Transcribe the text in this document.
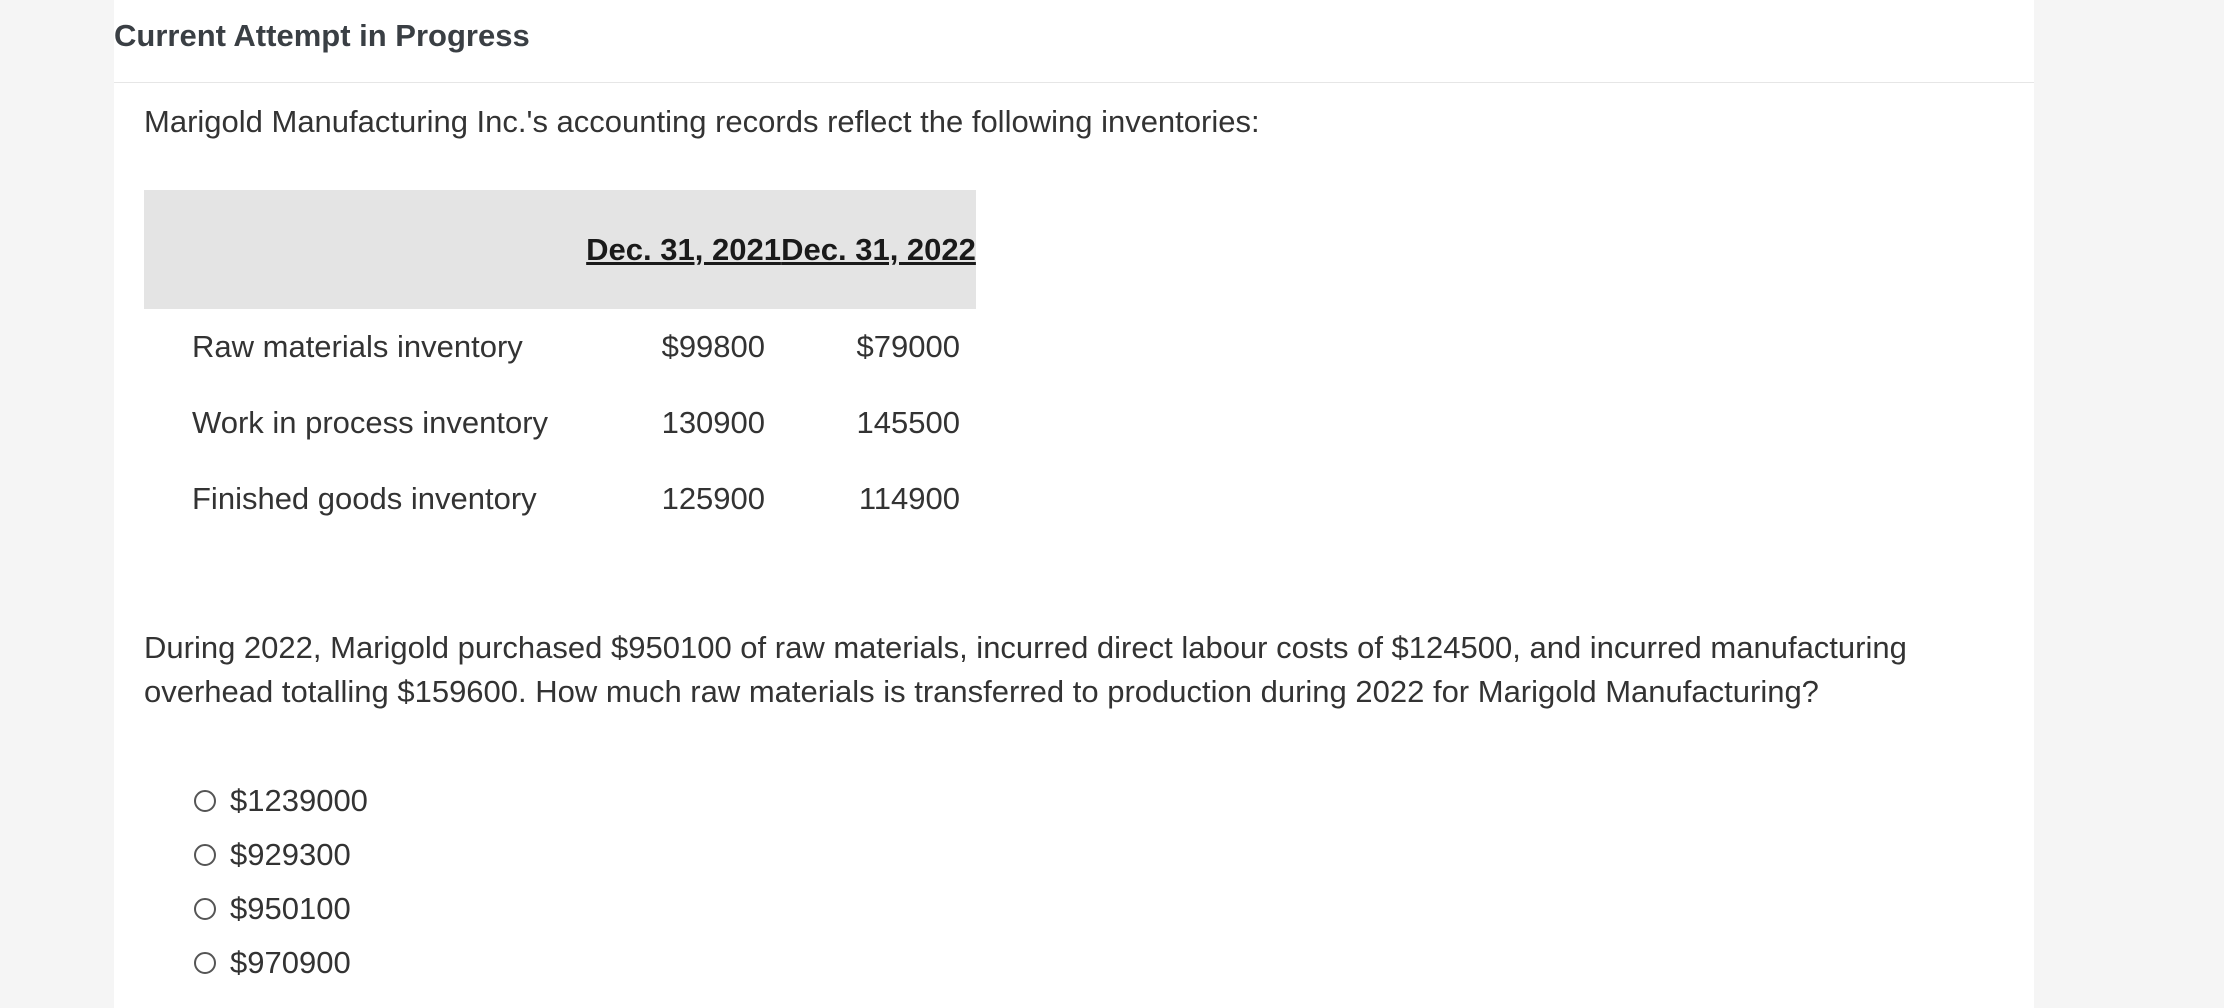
Current Attempt in Progress

Marigold Manufacturing Inc.'s accounting records reflect the following inventories:

	Dec. 31, 2021	Dec. 31, 2022
Raw materials inventory	$99800	$79000
Work in process inventory	130900	145500
Finished goods inventory	125900	114900

During 2022, Marigold purchased $950100 of raw materials, incurred direct labour costs of $124500, and incurred manufacturing overhead totalling $159600. How much raw materials is transferred to production during 2022 for Marigold Manufacturing?

$1239000
$929300
$950100
$970900
